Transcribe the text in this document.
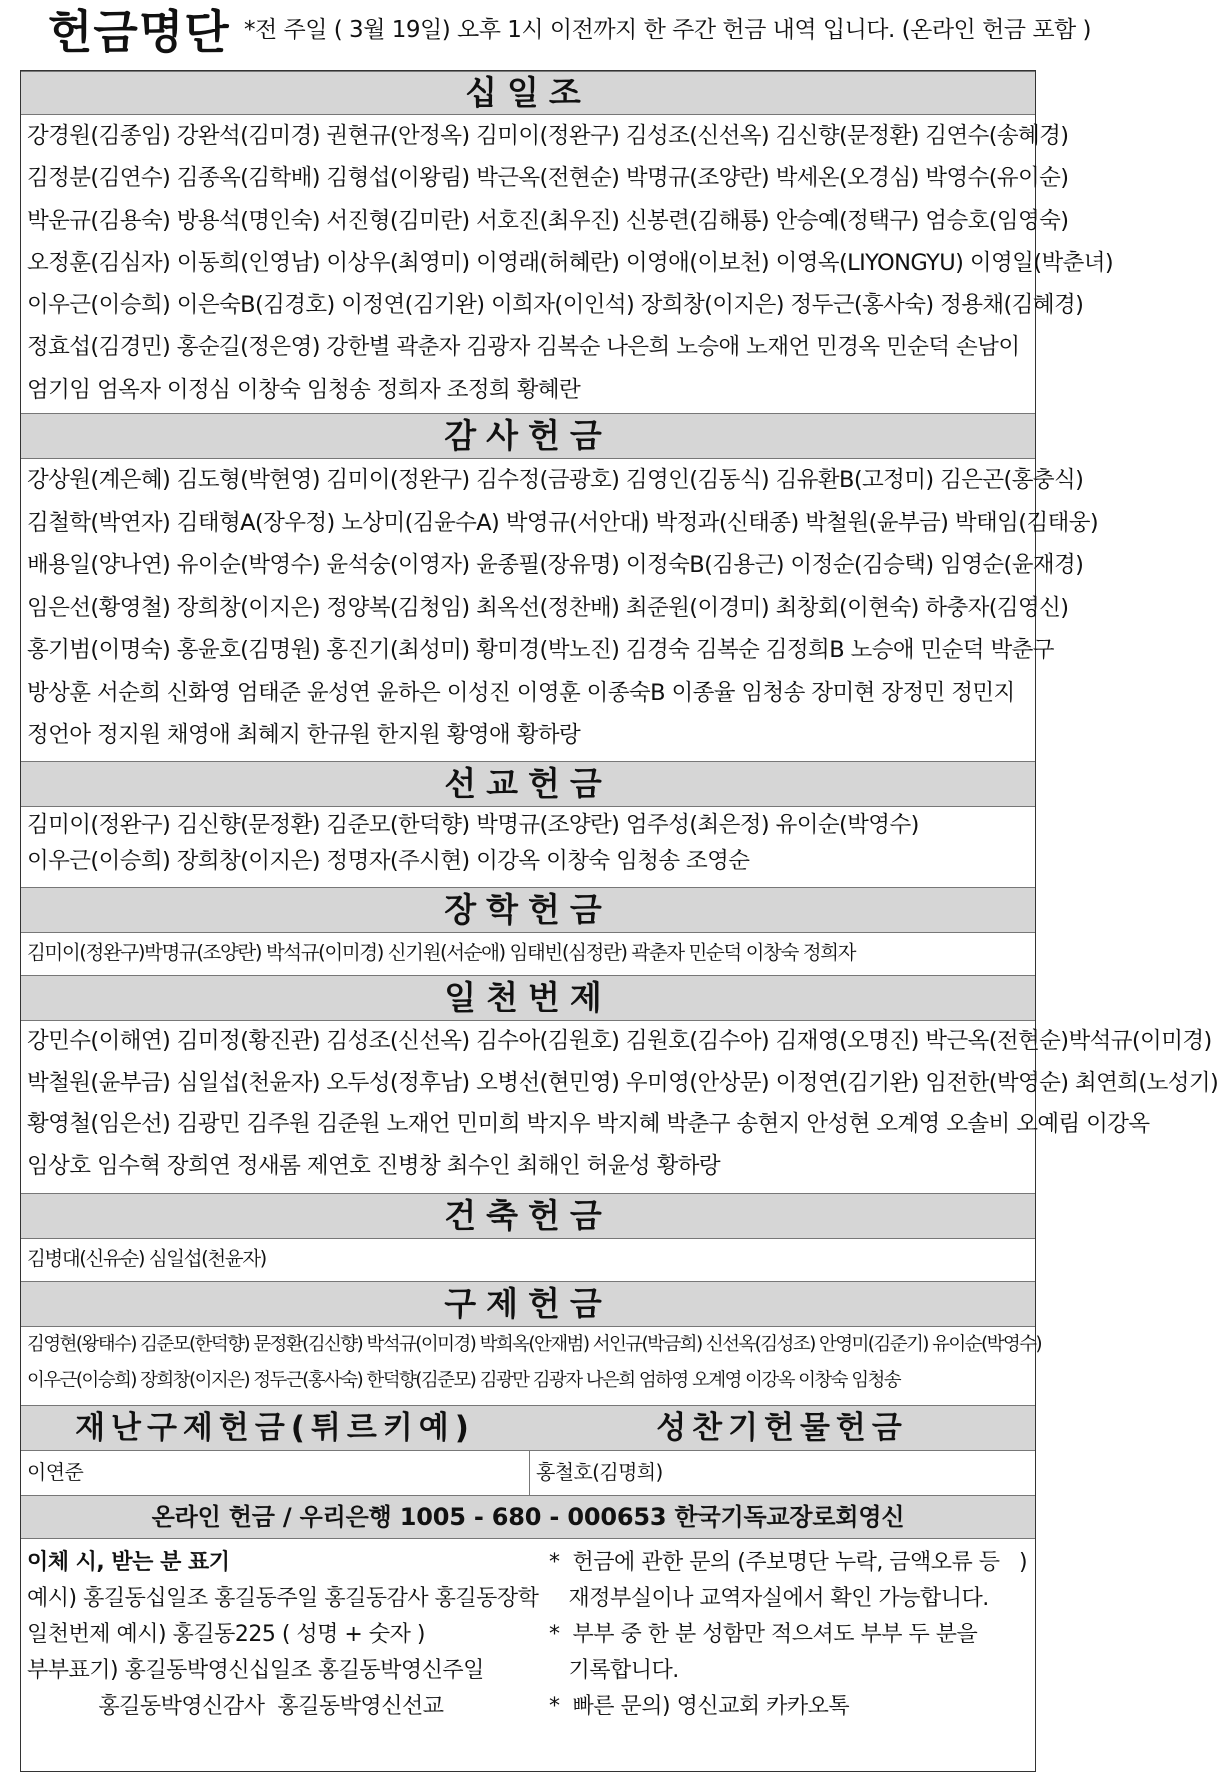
헌금명단 *전 주일 ( 3월 19일) 오후 1시 이전까지 한 주간 헌금 내역 입니다. (온라인 헌금 포함 )
십일조
강경원(김종임) 강완석(김미경) 권현규(안정옥) 김미이(정완구) 김성조(신선옥) 김신향(문정환) 김연수(송혜경)
김정분(김연수) 김종옥(김학배) 김형섭(이왕림) 박근옥(전현순) 박명규(조양란) 박세온(오경심) 박영수(유이순)
박운규(김용숙) 방용석(명인숙) 서진형(김미란) 서호진(최우진) 신봉련(김해룡) 안승예(정택구) 엄승호(임영숙)
오정훈(김심자) 이동희(인영남) 이상우(최영미) 이영래(허혜란) 이영애(이보천) 이영옥(LIYONGYU) 이영일(박춘녀)
이우근(이승희) 이은숙B(김경호) 이정연(김기완) 이희자(이인석) 장희창(이지은) 정두근(홍사숙) 정용채(김혜경)
정효섭(김경민) 홍순길(정은영) 강한별 곽춘자 김광자 김복순 나은희 노승애 노재언 민경옥 민순덕 손남이
엄기임 엄옥자 이정심 이창숙 임청송 정희자 조정희 황혜란
감사헌금
강상원(계은혜) 김도형(박현영) 김미이(정완구) 김수정(금광호) 김영인(김동식) 김유환B(고정미) 김은곤(홍충식)
김철학(박연자) 김태형A(장우정) 노상미(김윤수A) 박영규(서안대) 박정과(신태종) 박철원(윤부금) 박태임(김태웅)
배용일(양나연) 유이순(박영수) 윤석숭(이영자) 윤종필(장유명) 이정숙B(김용근) 이정순(김승택) 임영순(윤재경)
임은선(황영철) 장희창(이지은) 정양복(김청임) 최옥선(정찬배) 최준원(이경미) 최창회(이현숙) 하충자(김영신)
홍기범(이명숙) 홍윤호(김명원) 홍진기(최성미) 황미경(박노진) 김경숙 김복순 김정희B 노승애 민순덕 박춘구
방상훈 서순희 신화영 엄태준 윤성연 윤하은 이성진 이영훈 이종숙B 이종율 임청송 장미현 장정민 정민지
정언아 정지원 채영애 최혜지 한규원 한지원 황영애 황하랑
선교헌금
김미이(정완구) 김신향(문정환) 김준모(한덕향) 박명규(조양란) 엄주성(최은정) 유이순(박영수)
이우근(이승희) 장희창(이지은) 정명자(주시현) 이강옥 이창숙 임청송 조영순
장학헌금
김미이(정완구)박명규(조양란) 박석규(이미경) 신기원(서순애) 임태빈(심정란) 곽춘자 민순덕 이창숙 정희자
일천번제
강민수(이해연) 김미정(황진관) 김성조(신선옥) 김수아(김원호) 김원호(김수아) 김재영(오명진) 박근옥(전현순)박석규(이미경)
박철원(윤부금) 심일섭(천윤자) 오두성(정후남) 오병선(현민영) 우미영(안상문) 이정연(김기완) 임전한(박영순) 최연희(노성기)
황영철(임은선) 김광민 김주원 김준원 노재언 민미희 박지우 박지혜 박춘구 송현지 안성현 오계영 오솔비 오예림 이강옥
임상호 임수혁 장희연 정새롬 제연호 진병창 최수인 최해인 허윤성 황하랑
건축헌금
김병대(신유순) 심일섭(천윤자)
구제헌금
김영현(왕태수) 김준모(한덕향) 문정환(김신향) 박석규(이미경) 박희옥(안재범) 서인규(박금희) 신선옥(김성조) 안영미(김준기) 유이순(박영수)
이우근(이승희) 장희창(이지은) 정두근(홍사숙) 한덕향(김준모) 김광만 김광자 나은희 엄하영 오계영 이강옥 이창숙 임청송
재난구제헌금(튀르키예)	성찬기헌물헌금
이연준	홍철호(김명희)
온라인 헌금 / 우리은행 1005 - 680 - 000653 한국기독교장로회영신
이체 시, 받는 분 표기
예시) 홍길동십일조 홍길동주일 홍길동감사 홍길동장학
일천번제 예시) 홍길동225 ( 성명 + 숫자 )
부부표기) 홍길동박영신십일조 홍길동박영신주일
홍길동박영신감사  홍길동박영신선교
*  헌금에 관한 문의 (주보명단 누락, 금액오류 등   )
재정부실이나 교역자실에서 확인 가능합니다.
*  부부 중 한 분 성함만 적으셔도 부부 두 분을
기록합니다.
*  빠른 문의) 영신교회 카카오톡
